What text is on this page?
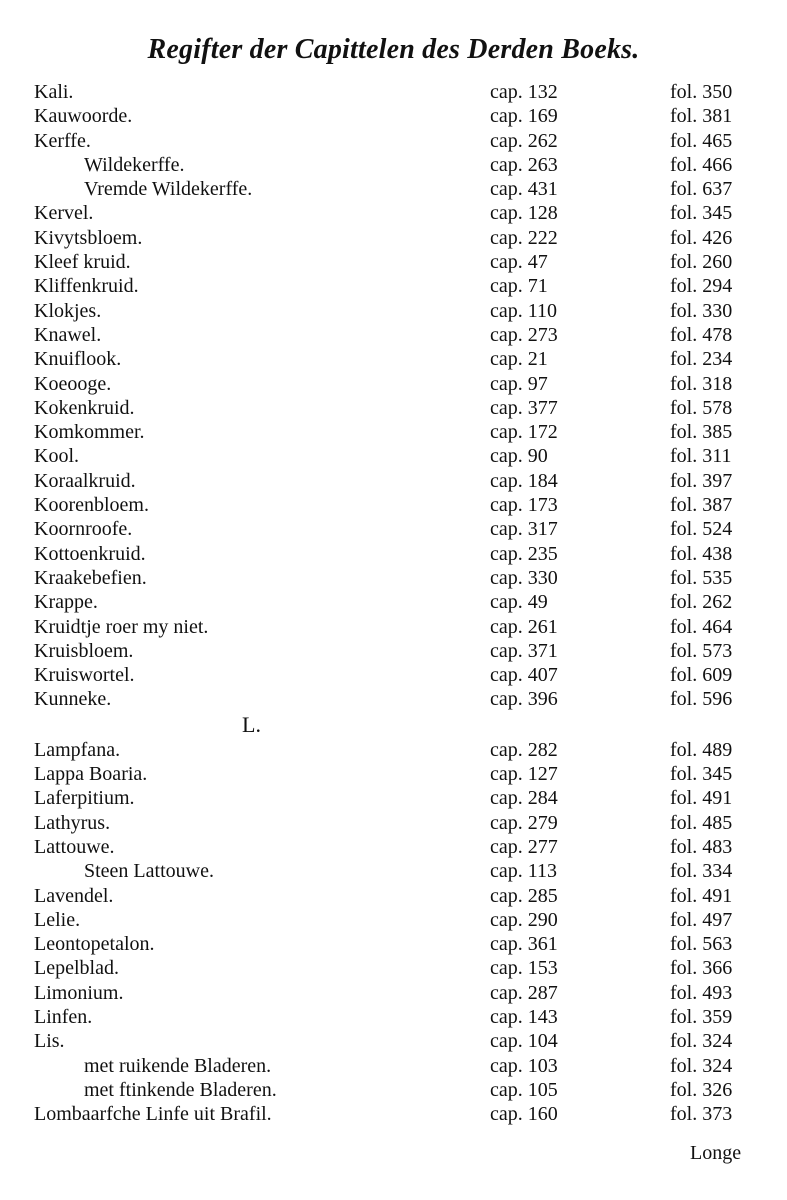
Regifter der Capittelen des Derden Boeks.
Kali.	cap. 132	fol. 350
Kauwoorde.	cap. 169	fol. 381
Kerffe.	cap. 262	fol. 465
Wildekerffe.	cap. 263	fol. 466
Vremde Wildekerffe.	cap. 431	fol. 637
Kervel.	cap. 128	fol. 345
Kivytsbloem.	cap. 222	fol. 426
Kleef kruid.	cap. 47	fol. 260
Kliffenkruid.	cap. 71	fol. 294
Klokjes.	cap. 110	fol. 330
Knawel.	cap. 273	fol. 478
Knuiflook.	cap. 21	fol. 234
Koeooge.	cap. 97	fol. 318
Kokenkruid.	cap. 377	fol. 578
Komkommer.	cap. 172	fol. 385
Kool.	cap. 90	fol. 311
Koraalkruid.	cap. 184	fol. 397
Koorenbloem.	cap. 173	fol. 387
Koornroofe.	cap. 317	fol. 524
Kottoenkruid.	cap. 235	fol. 438
Kraakebefien.	cap. 330	fol. 535
Krappe.	cap. 49	fol. 262
Kruidtje roer my niet.	cap. 261	fol. 464
Kruisbloem.	cap. 371	fol. 573
Kruiswortel.	cap. 407	fol. 609
Kunneke.	cap. 396	fol. 596
L.
Lampfana.	cap. 282	fol. 489
Lappa Boaria.	cap. 127	fol. 345
Laferpitium.	cap. 284	fol. 491
Lathyrus.	cap. 279	fol. 485
Lattouwe.	cap. 277	fol. 483
Steen Lattouwe.	cap. 113	fol. 334
Lavendel.	cap. 285	fol. 491
Lelie.	cap. 290	fol. 497
Leontopetalon.	cap. 361	fol. 563
Lepelblad.	cap. 153	fol. 366
Limonium.	cap. 287	fol. 493
Linfen.	cap. 143	fol. 359
Lis.	cap. 104	fol. 324
met ruikende Bladeren.	cap. 103	fol. 324
met ftinkende Bladeren.	cap. 105	fol. 326
Lombaarfche Linfe uit Brafil.	cap. 160	fol. 373
Longe
